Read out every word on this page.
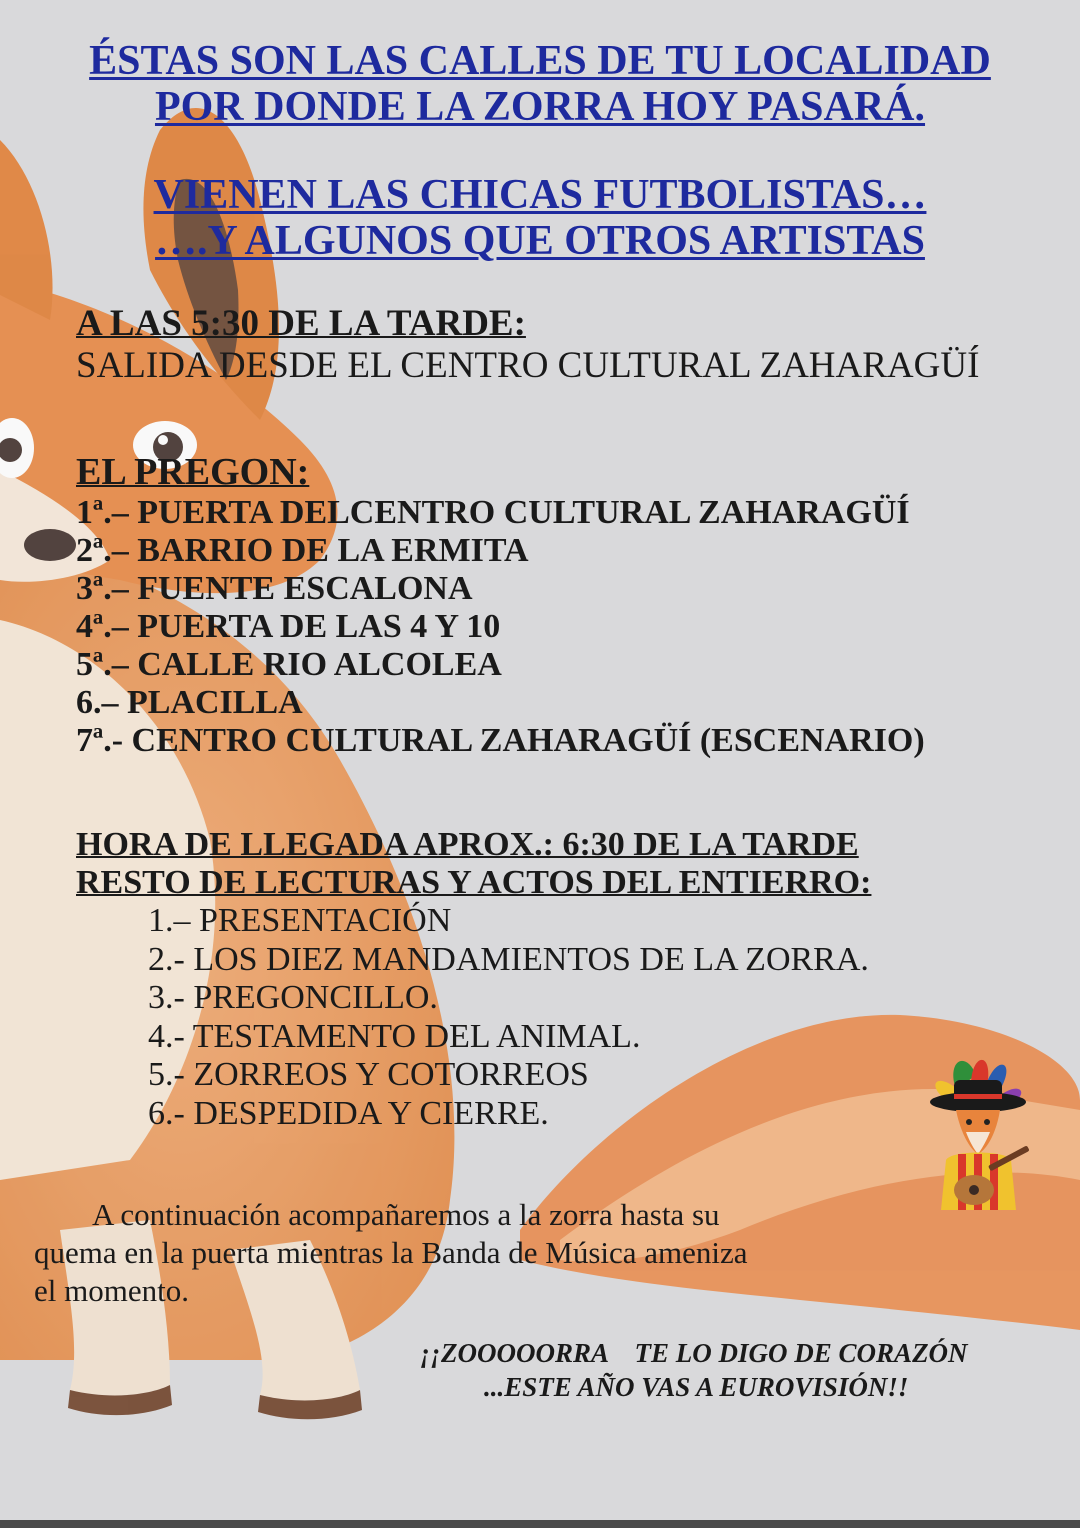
ÉSTAS SON LAS CALLES DE TU LOCALIDAD
POR DONDE LA ZORRA HOY PASARÁ.
VIENEN LAS CHICAS FUTBOLISTAS…
….Y ALGUNOS QUE OTROS ARTISTAS
A LAS 5:30 DE LA TARDE:
SALIDA DESDE EL CENTRO CULTURAL ZAHARAGÜÍ
EL PREGON:
1ª.– PUERTA DELCENTRO CULTURAL ZAHARAGÜÍ
2ª.– BARRIO DE LA ERMITA
3ª.– FUENTE ESCALONA
4ª.– PUERTA DE LAS 4 Y 10
5ª.– CALLE RIO ALCOLEA
6.– PLACILLA
7ª.- CENTRO CULTURAL ZAHARAGÜÍ (ESCENARIO)
HORA DE LLEGADA APROX.: 6:30 DE LA TARDE
RESTO DE LECTURAS Y ACTOS DEL ENTIERRO:
1.– PRESENTACIÓN
2.- LOS DIEZ MANDAMIENTOS DE LA ZORRA.
3.- PREGONCILLO.
4.- TESTAMENTO DEL ANIMAL.
5.- ZORREOS Y COTORREOS
6.- DESPEDIDA Y CIERRE.
A continuación acompañaremos a la zorra hasta su
quema en la puerta mientras la Banda de Música ameniza
el momento.
¡¡ZOOOOORRA    TE LO DIGO DE CORAZÓN
...ESTE AÑO VAS A EUROVISIÓN!!
